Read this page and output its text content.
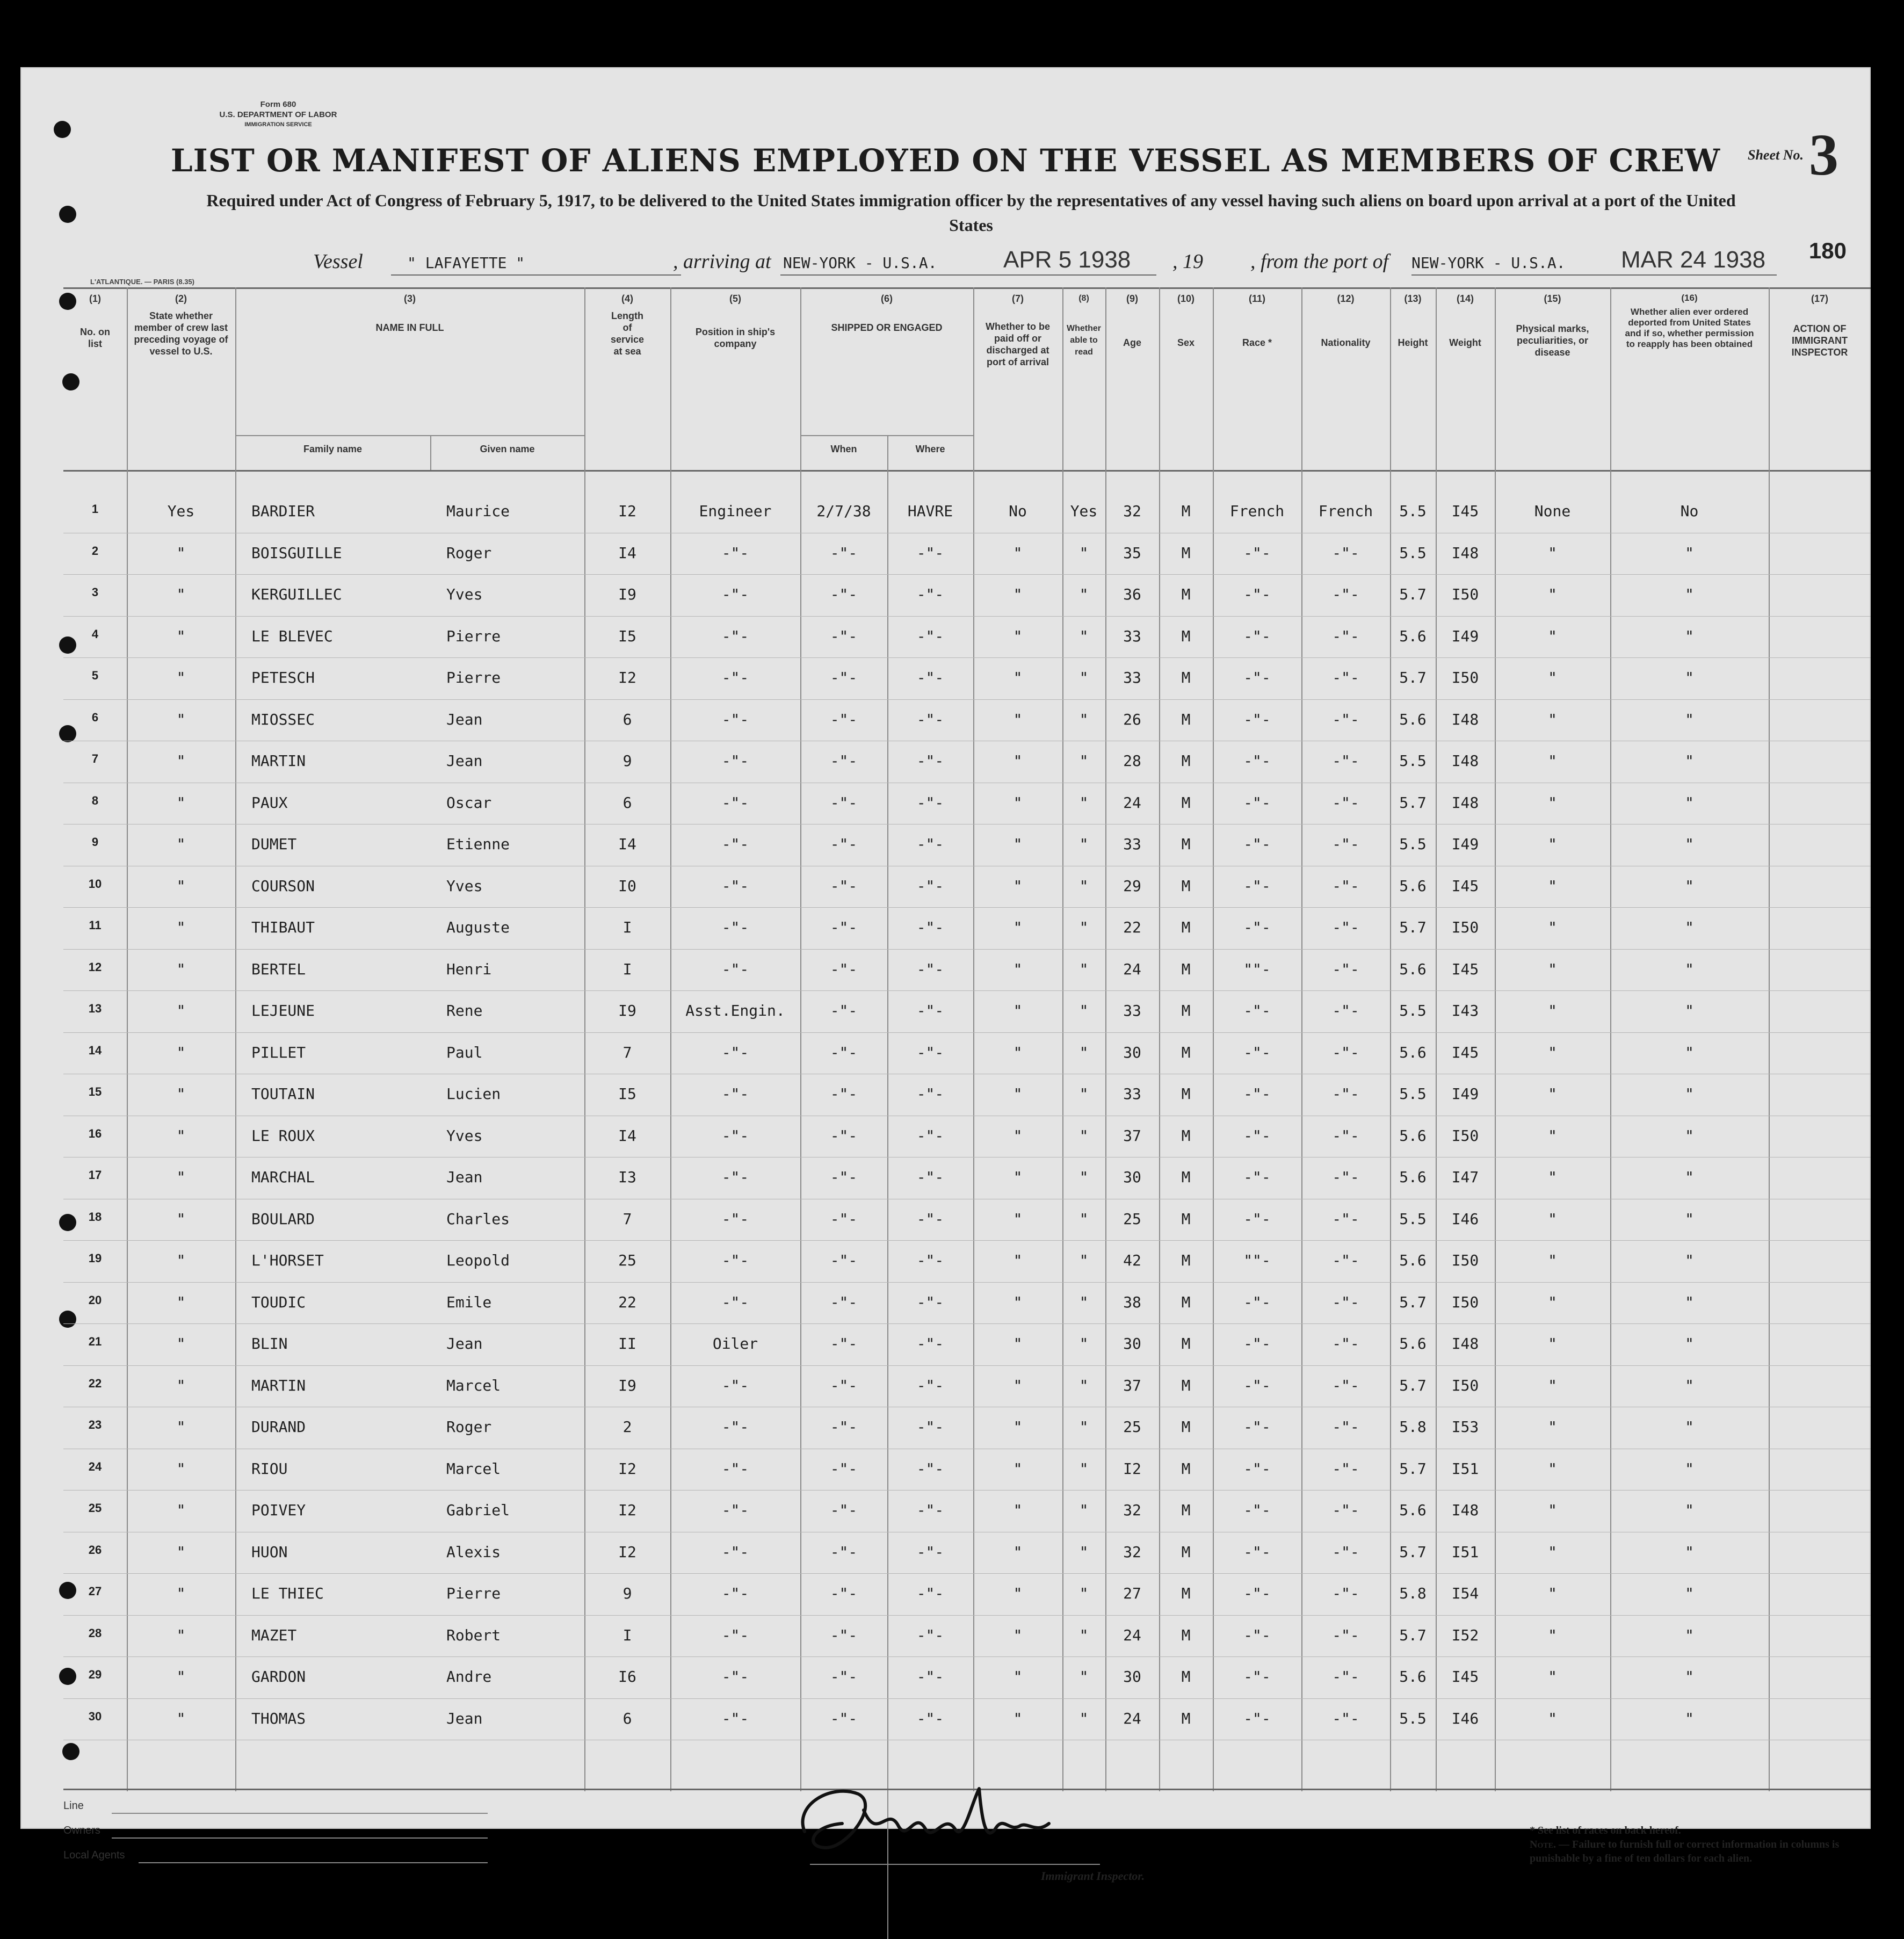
Form 680
U.S. DEPARTMENT OF LABOR
IMMIGRATION SERVICE
Sheet No.3
LIST OR MANIFEST OF ALIENS EMPLOYED ON THE VESSEL AS MEMBERS OF CREW
Required under Act of Congress of February 5, 1917, to be delivered to the United States immigration officer by the representatives of any vessel having such aliens on board upon arrival at a port of the United States
180
Vessel	" LAFAYETTE "	, arriving at NEW-YORK - U.S.A.	APR 5 1938 , 19 , from the port of NEW-YORK - U.S.A. MAR 24 1938
L'ATLANTIQUE. — PARIS (8.35)
(1)
No. on list
(2)
State whether member of crew last preceding voyage of vessel to U.S.
(3)
NAME IN FULL
Family name	Given name
(4)
Length of service at sea
(5)
Position in ship's company
(6)
SHIPPED OR ENGAGED
When	Where
(7)
Whether to be paid off or discharged at port of arrival
(8)
Whether able to read
(9)
Age
(10)
Sex
(11)
Race *
(12)
Nationality
(13)
Height
(14)
Weight
(15)
Physical marks, peculiarities, or disease
(16)
Whether alien ever ordered deported from United States and if so, whether permission to reapply has been obtained
(17)
ACTION OF IMMIGRANT INSPECTOR
1	Yes	BARDIER	Maurice	I2	Engineer	2/7/38	HAVRE	No	Yes	32	M	French	French	5.5	I45	None	No
2	"	BOISGUILLE	Roger	I4	-"-	-"-	-"-	"	"	35	M	-"-	-"-	5.5	I48	"	"
3	"	KERGUILLEC	Yves	I9	-"-	-"-	-"-	"	"	36	M	-"-	-"-	5.7	I50	"	"
4	"	LE BLEVEC	Pierre	I5	-"-	-"-	-"-	"	"	33	M	-"-	-"-	5.6	I49	"	"
5	"	PETESCH	Pierre	I2	-"-	-"-	-"-	"	"	33	M	-"-	-"-	5.7	I50	"	"
6	"	MIOSSEC	Jean	6	-"-	-"-	-"-	"	"	26	M	-"-	-"-	5.6	I48	"	"
7	"	MARTIN	Jean	9	-"-	-"-	-"-	"	"	28	M	-"-	-"-	5.5	I48	"	"
8	"	PAUX	Oscar	6	-"-	-"-	-"-	"	"	24	M	-"-	-"-	5.7	I48	"	"
9	"	DUMET	Etienne	I4	-"-	-"-	-"-	"	"	33	M	-"-	-"-	5.5	I49	"	"
10	"	COURSON	Yves	I0	-"-	-"-	-"-	"	"	29	M	-"-	-"-	5.6	I45	"	"
11	"	THIBAUT	Auguste	I	-"-	-"-	-"-	"	"	22	M	-"-	-"-	5.7	I50	"	"
12	"	BERTEL	Henri	I	-"-	-"-	-"-	"	"	24	M	""-	-"-	5.6	I45	"	"
13	"	LEJEUNE	Rene	I9	Asst.Engin.	-"-	-"-	"	"	33	M	-"-	-"-	5.5	I43	"	"
14	"	PILLET	Paul	7	-"-	-"-	-"-	"	"	30	M	-"-	-"-	5.6	I45	"	"
15	"	TOUTAIN	Lucien	I5	-"-	-"-	-"-	"	"	33	M	-"-	-"-	5.5	I49	"	"
16	"	LE ROUX	Yves	I4	-"-	-"-	-"-	"	"	37	M	-"-	-"-	5.6	I50	"	"
17	"	MARCHAL	Jean	I3	-"-	-"-	-"-	"	"	30	M	-"-	-"-	5.6	I47	"	"
18	"	BOULARD	Charles	7	-"-	-"-	-"-	"	"	25	M	-"-	-"-	5.5	I46	"	"
19	"	L'HORSET	Leopold	25	-"-	-"-	-"-	"	"	42	M	""-	-"-	5.6	I50	"	"
20	"	TOUDIC	Emile	22	-"-	-"-	-"-	"	"	38	M	-"-	-"-	5.7	I50	"	"
21	"	BLIN	Jean	II	Oiler	-"-	-"-	"	"	30	M	-"-	-"-	5.6	I48	"	"
22	"	MARTIN	Marcel	I9	-"-	-"-	-"-	"	"	37	M	-"-	-"-	5.7	I50	"	"
23	"	DURAND	Roger	2	-"-	-"-	-"-	"	"	25	M	-"-	-"-	5.8	I53	"	"
24	"	RIOU	Marcel	I2	-"-	-"-	-"-	"	"	I2	M	-"-	-"-	5.7	I51	"	"
25	"	POIVEY	Gabriel	I2	-"-	-"-	-"-	"	"	32	M	-"-	-"-	5.6	I48	"	"
26	"	HUON	Alexis	I2	-"-	-"-	-"-	"	"	32	M	-"-	-"-	5.7	I51	"	"
27	"	LE THIEC	Pierre	9	-"-	-"-	-"-	"	"	27	M	-"-	-"-	5.8	I54	"	"
28	"	MAZET	Robert	I	-"-	-"-	-"-	"	"	24	M	-"-	-"-	5.7	I52	"	"
29	"	GARDON	Andre	I6	-"-	-"-	-"-	"	"	30	M	-"-	-"-	5.6	I45	"	"
30	"	THOMAS	Jean	6	-"-	-"-	-"-	"	"	24	M	-"-	-"-	5.5	I46	"	"
Line
Owners
Local Agents
Immigrant Inspector.
* See list of races on back hereof.
Note. — Failure to furnish full or correct information in columns is punishable by a fine of ten dollars for each alien.
